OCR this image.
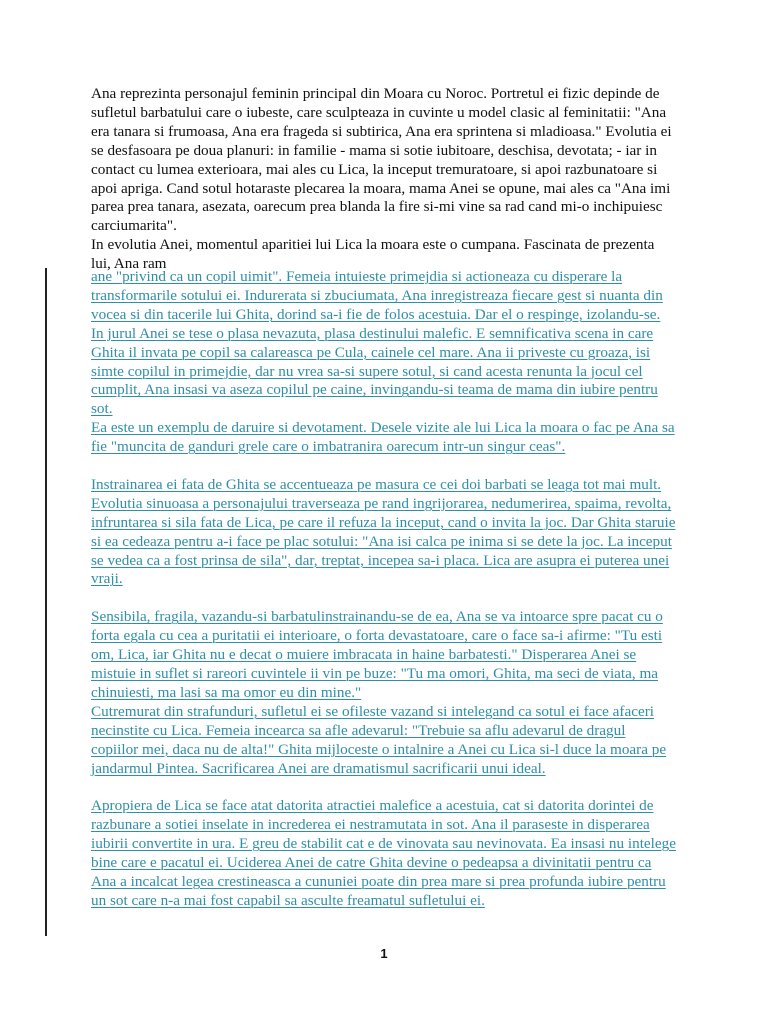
Ana reprezinta personajul feminin principal din Moara cu Noroc. Portretul ei fizic depinde de sufletul barbatului care o iubeste, care sculpteaza in cuvinte u model clasic al feminitatii: "Ana era tanara si frumoasa, Ana era frageda si subtirica, Ana era sprintena si mladioasa." Evolutia ei se desfasoara pe doua planuri: in familie - mama si sotie iubitoare, deschisa, devotata; - iar in contact cu lumea exterioara, mai ales cu Lica, la inceput tremuratoare, si apoi razbunatoare si apoi apriga. Cand sotul hotaraste plecarea la moara, mama Anei se opune, mai ales ca "Ana imi parea prea tanara, asezata, oarecum prea blanda la fire si-mi vine sa rad cand mi-o inchipuiesc carciumarita".

In evolutia Anei, momentul aparitiei lui Lica la moara este o cumpana. Fascinata de prezenta lui, Ana ram

ane "privind ca un copil uimit". Femeia intuieste primejdia si actioneaza cu disperare la transformarile sotului ei. Indurerata si zbuciumata, Ana inregistreaza fiecare gest si nuanta din vocea si din tacerile lui Ghita, dorind sa-i fie de folos acestuia. Dar el o respinge, izolandu-se. In jurul Anei se tese o plasa nevazuta, plasa destinului malefic. E semnificativa scena in care Ghita il invata pe copil sa calareasca pe Cula, cainele cel mare. Ana ii priveste cu groaza, isi simte copilul in primejdie, dar nu vrea sa-si supere sotul, si cand acesta renunta la jocul cel cumplit, Ana insasi va aseza copilul pe caine, invingandu-si teama de mama din iubire pentru sot.
Ea este un exemplu de daruire si devotament. Desele vizite ale lui Lica la moara o fac pe Ana sa fie "muncita de ganduri grele care o imbatranira oarecum intr-un singur ceas".
Instrainarea ei fata de Ghita se accentueaza pe masura ce cei doi barbati se leaga tot mai mult. Evolutia sinuoasa a personajului traverseaza pe rand ingrijorarea, nedumerirea, spaima, revolta, infruntarea si sila fata de Lica, pe care il refuza la inceput, cand o invita la joc. Dar Ghita staruie si ea cedeaza pentru a-i face pe plac sotului: "Ana isi calca pe inima si se dete la joc. La inceput se vedea ca a fost prinsa de sila", dar, treptat, incepea sa-i placa. Lica are asupra ei puterea unei vraji.
Sensibila, fragila, vazandu-si barbatulinstrainandu-se de ea, Ana se va intoarce spre pacat cu o forta egala cu cea a puritatii ei interioare, o forta devastatoare, care o face sa-i afirme: "Tu esti om, Lica, iar Ghita nu e decat o muiere imbracata in haine barbatesti." Disperarea Anei se mistuie in suflet si rareori cuvintele ii vin pe buze: "Tu ma omori, Ghita, ma seci de viata, ma chinuiesti, ma lasi sa ma omor eu din mine."
Cutremurat din strafunduri, sufletul ei se ofileste vazand si intelegand ca sotul ei face afaceri necinstite cu Lica. Femeia incearca sa afle adevarul: "Trebuie sa aflu adevarul de dragul copiilor mei, daca nu de alta!" Ghita mijloceste o intalnire a Anei cu Lica si-l duce la moara pe jandarmul Pintea. Sacrificarea Anei are dramatismul sacrificarii unui ideal.
Apropiera de Lica se face atat datorita atractiei malefice a acestuia, cat si datorita dorintei de razbunare a sotiei inselate in increderea ei nestramutata in sot. Ana il paraseste in disperarea iubirii convertite in ura. E greu de stabilit cat e de vinovata sau nevinovata. Ea insasi nu intelege bine care e pacatul ei. Uciderea Anei de catre Ghita devine o pedeapsa a divinitatii pentru ca Ana a incalcat legea crestineasca a cununiei poate din prea mare si prea profunda iubire pentru un sot care n-a mai fost capabil sa asculte freamatul sufletului ei.
1
